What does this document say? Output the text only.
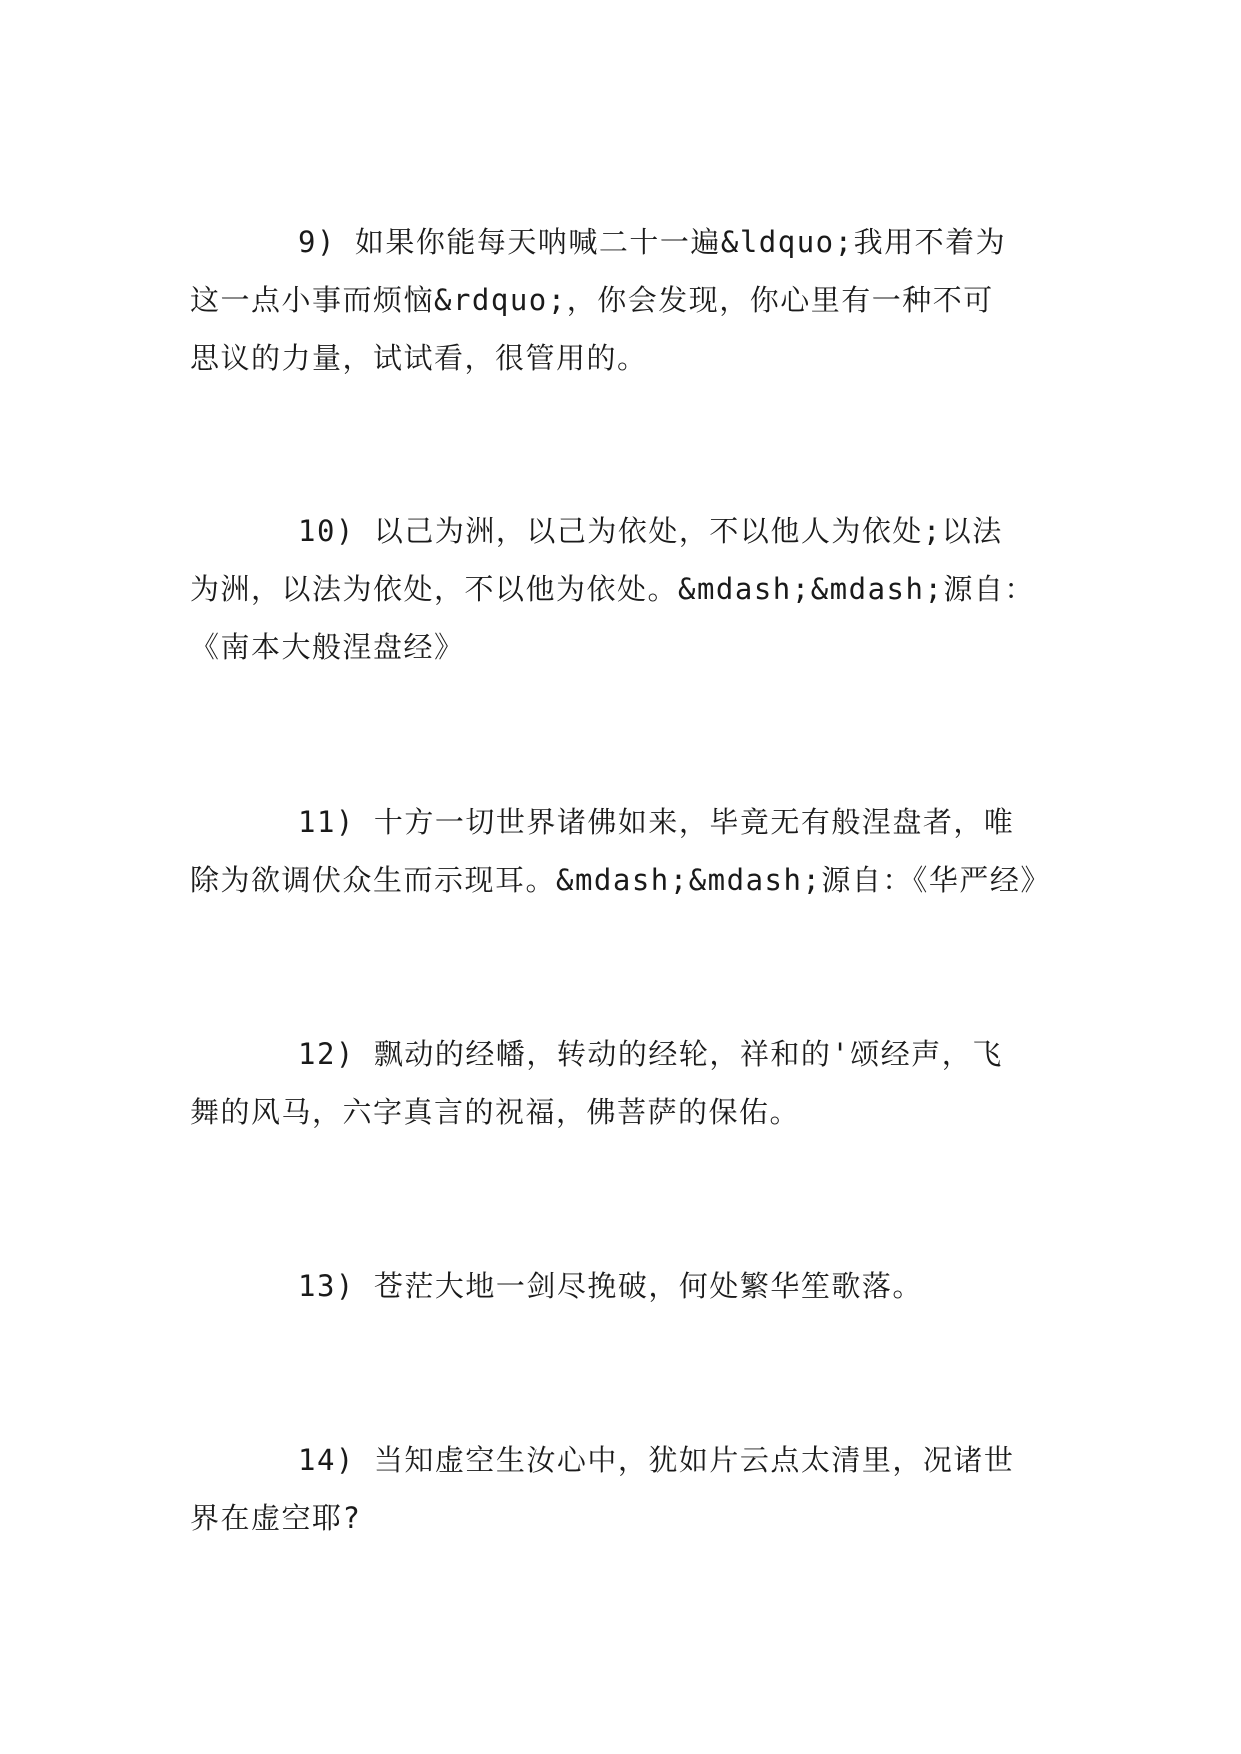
9) 如果你能每天呐喊二十一遍&ldquo;我用不着为
这一点小事而烦恼&rdquo;，你会发现，你心里有一种不可
思议的力量，试试看，很管用的。
10) 以己为洲，以己为依处，不以他人为依处;以法
为洲，以法为依处，不以他为依处。&mdash;&mdash;源自：
《南本大般涅盘经》
11) 十方一切世界诸佛如来，毕竟无有般涅盘者，唯
除为欲调伏众生而示现耳。&mdash;&mdash;源自：《华严经》
12) 飘动的经幡，转动的经轮，祥和的'颂经声，飞
舞的风马，六字真言的祝福，佛菩萨的保佑。
13) 苍茫大地一剑尽挽破，何处繁华笙歌落。
14) 当知虚空生汝心中，犹如片云点太清里，况诸世
界在虚空耶?
